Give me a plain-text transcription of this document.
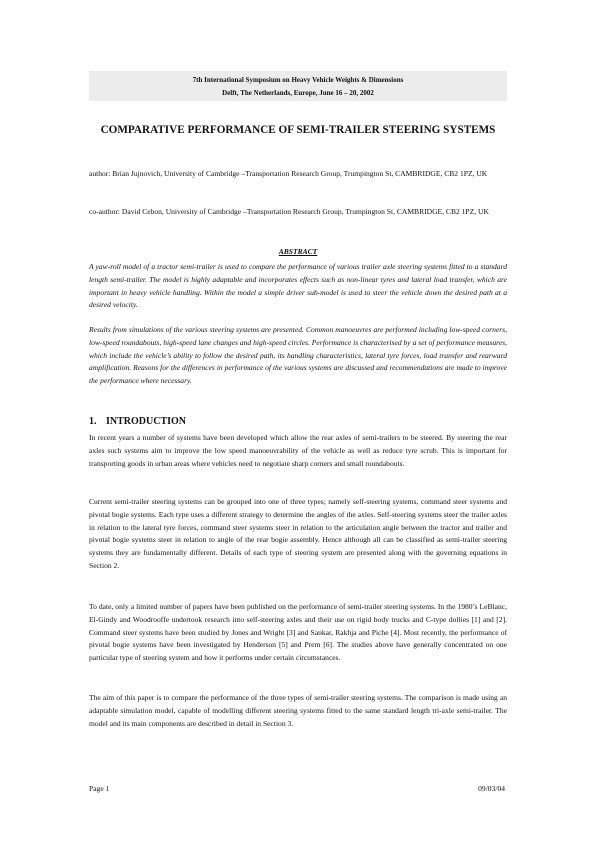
7th International Symposium on Heavy Vehicle Weights & Dimensions
Delft, The Netherlands, Europe, June 16 – 20, 2002
COMPARATIVE PERFORMANCE OF SEMI-TRAILER STEERING SYSTEMS
author: Brian Jujnovich, University of Cambridge –Transportation Research Group, Trumpington St, CAMBRIDGE, CB2 1PZ, UK
co-author: David Cebon, University of Cambridge –Transportation Research Group, Trumpington St, CAMBRIDGE, CB2 1PZ, UK
ABSTRACT
A yaw-roll model of a tractor semi-trailer is used to compare the performance of various trailer axle steering systems fitted to a standard length semi-trailer. The model is highly adaptable and incorporates effects such as non-linear tyres and lateral load transfer, which are important in heavy vehicle handling. Within the model a simple driver sub-model is used to steer the vehicle down the desired path at a desired velocity.
Results from simulations of the various steering systems are presented. Common manoeuvres are performed including low-speed corners, low-speed roundabouts, high-speed lane changes and high-speed circles. Performance is characterised by a set of performance measures, which include the vehicle’s ability to follow the desired path, its handling characteristics, lateral tyre forces, load transfer and rearward amplification. Reasons for the differences in performance of the various systems are discussed and recommendations are made to improve the performance where necessary.
1. INTRODUCTION
In recent years a number of systems have been developed which allow the rear axles of semi-trailers to be steered. By steering the rear axles such systems aim to improve the low speed manoeuvrability of the vehicle as well as reduce tyre scrub. This is important for transporting goods in urban areas where vehicles need to negotiate sharp corners and small roundabouts.
Current semi-trailer steering systems can be grouped into one of three types; namely self-steering systems, command steer systems and pivotal bogie systems. Each type uses a different strategy to determine the angles of the axles. Self-steering systems steer the trailer axles in relation to the lateral tyre forces, command steer systems steer in relation to the articulation angle between the tractor and trailer and pivotal bogie systems steer in relation to angle of the rear bogie assembly. Hence although all can be classified as semi-trailer steering systems they are fundamentally different. Details of each type of steering system are presented along with the governing equations in Section 2.
To date, only a limited number of papers have been published on the performance of semi-trailer steering systems. In the 1980’s LeBlanc, El-Gindy and Woodrooffe undertook research into self-steering axles and their use on rigid body trucks and C-type dollies [1] and [2]. Command steer systems have been studied by Jones and Wright [3] and Sankar, Rakhja and Piche [4]. Most recently, the performance of pivotal bogie systems have been investigated by Henderson [5] and Prem [6]. The studies above have generally concentrated on one particular type of steering system and how it performs under certain circumstances.
The aim of this paper is to compare the performance of the three types of semi-trailer steering systems. The comparison is made using an adaptable simulation model, capable of modelling different steering systems fitted to the same standard length tri-axle semi-trailer. The model and its main components are described in detail in Section 3.
Page 1	09/03/04
